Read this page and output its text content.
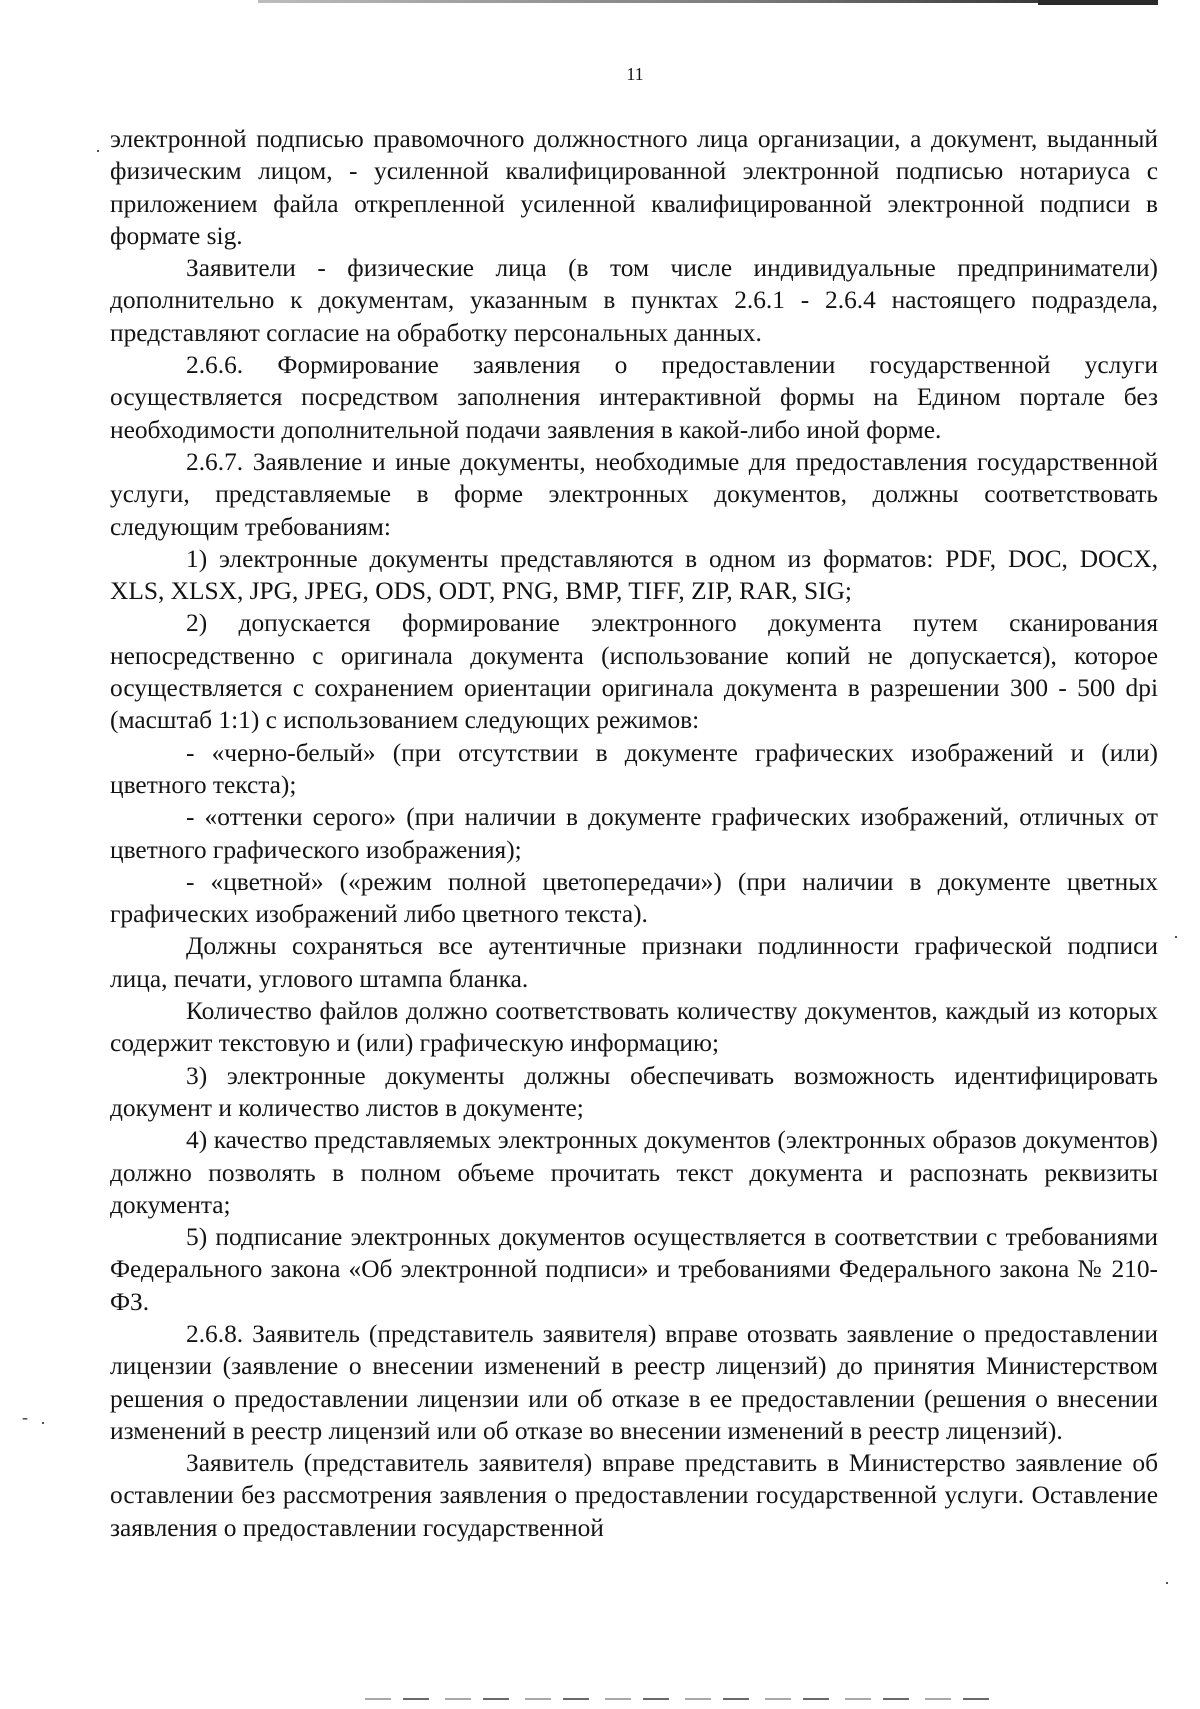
11

электронной подписью правомочного должностного лица организации, а документ, выданный физическим лицом, - усиленной квалифицированной электронной подписью нотариуса с приложением файла открепленной усиленной квалифицированной электронной подписи в формате sig.

Заявители - физические лица (в том числе индивидуальные предприниматели) дополнительно к документам, указанным в пунктах 2.6.1 - 2.6.4 настоящего подраздела, представляют согласие на обработку персональных данных.

2.6.6. Формирование заявления о предоставлении государственной услуги осуществляется посредством заполнения интерактивной формы на Едином портале без необходимости дополнительной подачи заявления в какой-либо иной форме.

2.6.7. Заявление и иные документы, необходимые для предоставления государственной услуги, представляемые в форме электронных документов, должны соответствовать следующим требованиям:

1) электронные документы представляются в одном из форматов: PDF, DOC, DOCX, XLS, XLSX, JPG, JPEG, ODS, ODT, PNG, BMP, TIFF, ZIP, RAR, SIG;

2) допускается формирование электронного документа путем сканирования непосредственно с оригинала документа (использование копий не допускается), которое осуществляется с сохранением ориентации оригинала документа в разрешении 300 - 500 dpi (масштаб 1:1) с использованием следующих режимов:

- «черно-белый» (при отсутствии в документе графических изображений и (или) цветного текста);

- «оттенки серого» (при наличии в документе графических изображений, отличных от цветного графического изображения);

- «цветной» («режим полной цветопередачи») (при наличии в документе цветных графических изображений либо цветного текста).

Должны сохраняться все аутентичные признаки подлинности графической подписи лица, печати, углового штампа бланка.

Количество файлов должно соответствовать количеству документов, каждый из которых содержит текстовую и (или) графическую информацию;

3) электронные документы должны обеспечивать возможность идентифицировать документ и количество листов в документе;

4) качество представляемых электронных документов (электронных образов документов) должно позволять в полном объеме прочитать текст документа и распознать реквизиты документа;

5) подписание электронных документов осуществляется в соответствии с требованиями Федерального закона «Об электронной подписи» и требованиями Федерального закона № 210-ФЗ.

2.6.8. Заявитель (представитель заявителя) вправе отозвать заявление о предоставлении лицензии (заявление о внесении изменений в реестр лицензий) до принятия Министерством решения о предоставлении лицензии или об отказе в ее предоставлении (решения о внесении изменений в реестр лицензий или об отказе во внесении изменений в реестр лицензий).

Заявитель (представитель заявителя) вправе представить в Министерство заявление об оставлении без рассмотрения заявления о предоставлении государственной услуги. Оставление заявления о предоставлении государственной

·
·
- ·
·
